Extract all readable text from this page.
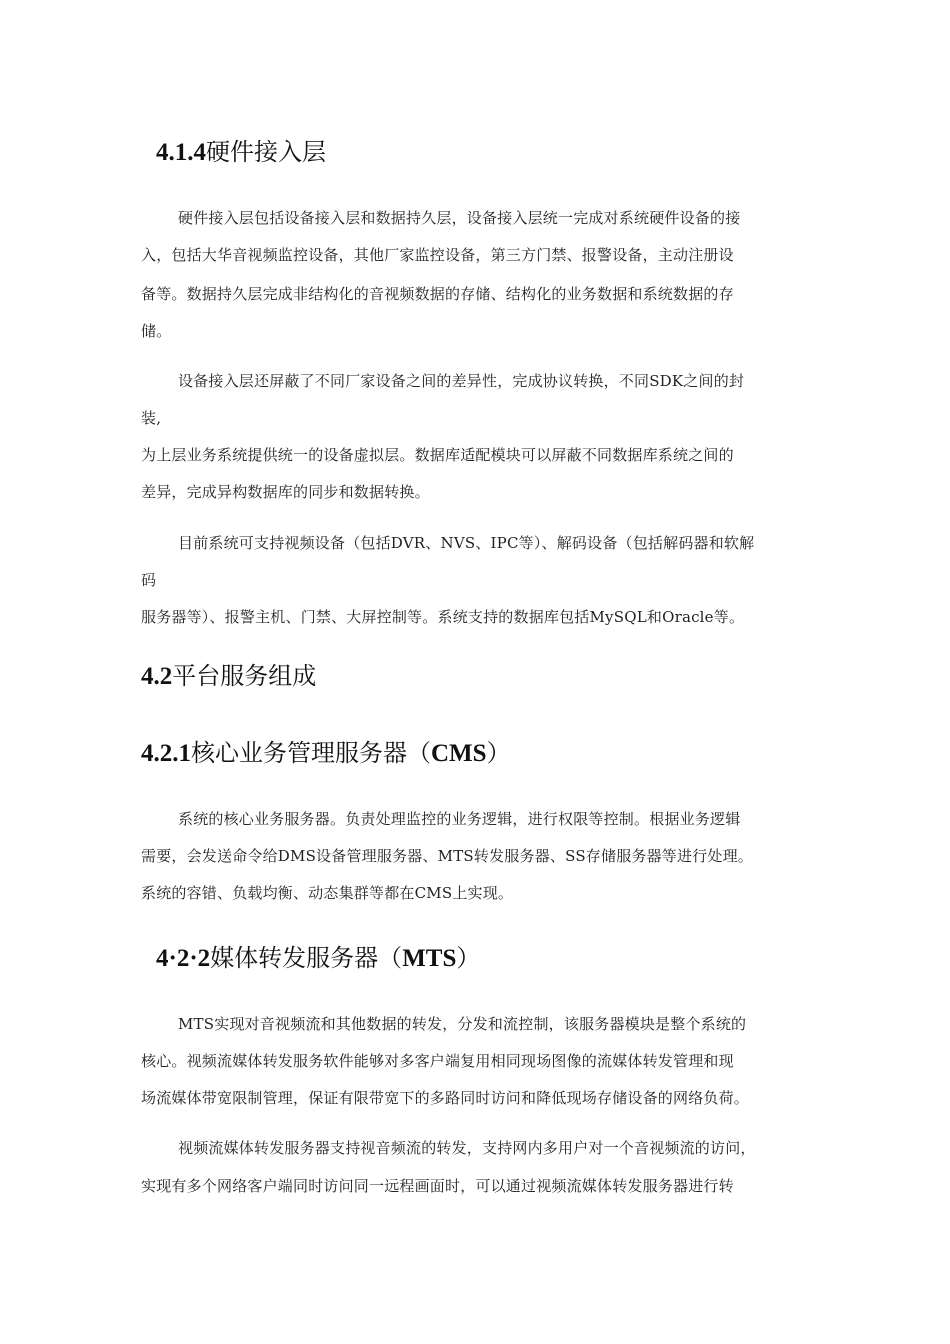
4.1.4硬件接入层

硬件接入层包括设备接入层和数据持久层，设备接入层统一完成对系统硬件设备的接

入，包括大华音视频监控设备，其他厂家监控设备，第三方门禁、报警设备，主动注册设

备等。数据持久层完成非结构化的音视频数据的存储、结构化的业务数据和系统数据的存

储。

设备接入层还屏蔽了不同厂家设备之间的差异性，完成协议转换，不同SDK之间的封

装,

为上层业务系统提供统一的设备虚拟层。数据库适配模块可以屏蔽不同数据库系统之间的

差异，完成异构数据库的同步和数据转换。

目前系统可支持视频设备（包括DVR、NVS、IPC等）、解码设备（包括解码器和软解

码

服务器等）、报警主机、门禁、大屏控制等。系统支持的数据库包括MySQL和Oracle等。

4.2平台服务组成
4.2.1核心业务管理服务器（CMS）

系统的核心业务服务器。负责处理监控的业务逻辑，进行权限等控制。根据业务逻辑

需要，会发送命令给DMS设备管理服务器、MTS转发服务器、SS存储服务器等进行处理。

系统的容错、负载均衡、动态集群等都在CMS上实现。

4·2·2媒体转发服务器（MTS）

MTS实现对音视频流和其他数据的转发，分发和流控制，该服务器模块是整个系统的

核心。视频流媒体转发服务软件能够对多客户端复用相同现场图像的流媒体转发管理和现

场流媒体带宽限制管理，保证有限带宽下的多路同时访问和降低现场存储设备的网络负荷。

视频流媒体转发服务器支持视音频流的转发，支持网内多用户对一个音视频流的访问，

实现有多个网络客户端同时访问同一远程画面时，可以通过视频流媒体转发服务器进行转
